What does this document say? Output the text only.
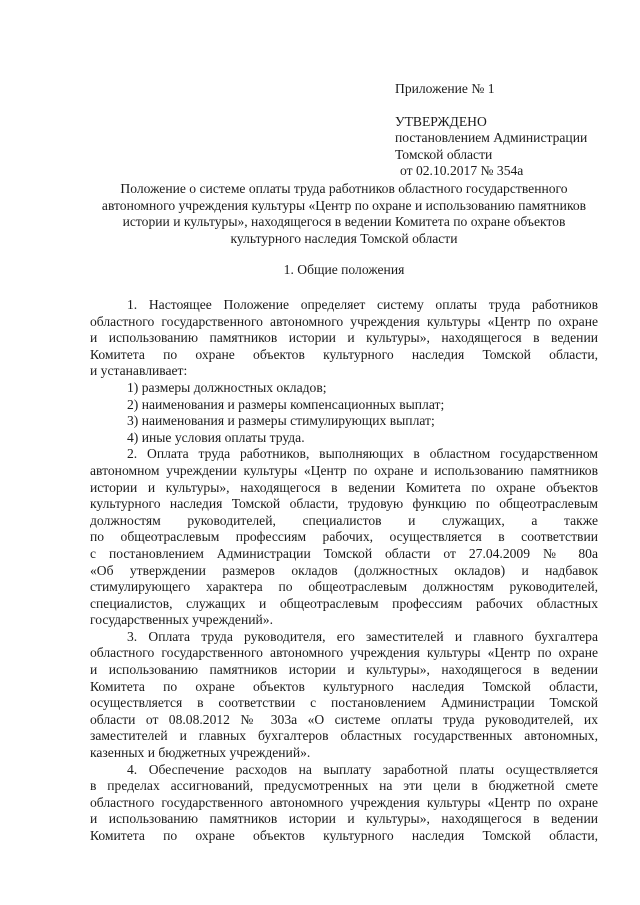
Приложение № 1
УТВЕРЖДЕНО
постановлением Администрации
Томской области
от 02.10.2017 № 354а
Положение о системе оплаты труда работников областного государственного
автономного учреждения культуры «Центр по охране и использованию памятников
истории и культуры», находящегося в ведении Комитета по охране объектов
культурного наследия Томской области
1. Общие положения
1. Настоящее Положение определяет систему оплаты труда работников
областного государственного автономного учреждения культуры «Центр по охране
и использованию памятников истории и культуры», находящегося в ведении
Комитета по охране объектов культурного наследия Томской области,
и устанавливает:
1) размеры должностных окладов;
2) наименования и размеры компенсационных выплат;
3) наименования и размеры стимулирующих выплат;
4) иные условия оплаты труда.
2. Оплата труда работников, выполняющих в областном государственном
автономном учреждении культуры «Центр по охране и использованию памятников
истории и культуры», находящегося в ведении Комитета по охране объектов
культурного наследия Томской области, трудовую функцию по общеотраслевым
должностям руководителей, специалистов и служащих, а также
по общеотраслевым профессиям рабочих, осуществляется в соответствии
с постановлением Администрации Томской области от 27.04.2009 № 80а
«Об утверждении размеров окладов (должностных окладов) и надбавок
стимулирующего характера по общеотраслевым должностям руководителей,
специалистов, служащих и общеотраслевым профессиям рабочих областных
государственных учреждений».
3. Оплата труда руководителя, его заместителей и главного бухгалтера
областного государственного автономного учреждения культуры «Центр по охране
и использованию памятников истории и культуры», находящегося в ведении
Комитета по охране объектов культурного наследия Томской области,
осуществляется в соответствии с постановлением Администрации Томской
области от 08.08.2012 № 303а «О системе оплаты труда руководителей, их
заместителей и главных бухгалтеров областных государственных автономных,
казенных и бюджетных учреждений».
4. Обеспечение расходов на выплату заработной платы осуществляется
в пределах ассигнований, предусмотренных на эти цели в бюджетной смете
областного государственного автономного учреждения культуры «Центр по охране
и использованию памятников истории и культуры», находящегося в ведении
Комитета по охране объектов культурного наследия Томской области,
